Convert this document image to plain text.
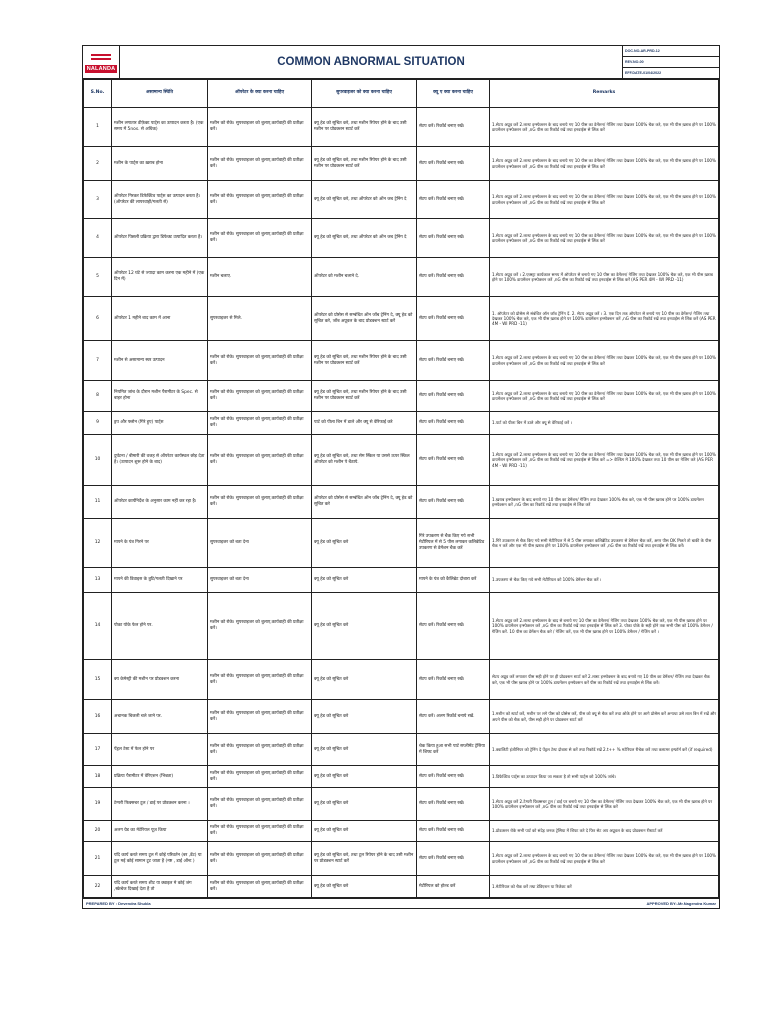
NALANDA
COMMON ABNORMAL SITUATION
DOC.NO-AR-PRD-12
REV.NO-00
EFF.DATE-01/04/2022
S.No.	असामान्य स्थिति	ऑपरेटर के क्या करना चाहिए	सुपरवाइजर को क्या करना चाहिए	क्यू ए क्या करना चाहिए	Remarks
1	मशीन लगातार डीफ़ेक्ट पार्ट्स का उत्पादन करता है। (एक समय में 5nos. से अधिक)	मशीन को रोके। सुपरवाइजर को बुलाए,कार्यवाही की प्रतीक्षा करें।	क्यू हेड को सूचित करे, तथा मशीन रिपेयर होने के बाद उसी मशीन पर प्रोडक्शन स्टार्ट करें	सेटप करें। रिकॉर्ड बनाए रखें।	1.सेटप अप्रूव करें 2.लास्ट इन्स्पेक्शन के बाद बनाये गए 10 पीस का डेमेंशन/ गेजिंग तथा देखकर 100% चैक करे, एक भी पीस ख़राब होने पर 100% डायमेंशन इन्स्पेक्शन करें ,nG पीस का रिकॉर्ड रखें तथा इनवाईस से लिंक करें
2	मशीन के पार्ट्स का ख़राब होना	मशीन को रोके। सुपरवाइजर को बुलाए,कार्यवाही की प्रतीक्षा करें।	क्यू हेड को सूचित करे, तथा मशीन रिपेयर होने के बाद उसी मशीन पर प्रोडक्शन स्टार्ट करें	सेटप करें। रिकॉर्ड बनाए रखें।	1.सेटप अप्रूव करें 2.लास्ट इन्स्पेक्शन के बाद बनाये गए 10 पीस का डेमेंशन/ गेजिंग तथा देखकर 100% चैक करे, एक भी पीस ख़राब होने पर 100% डायमेंशन इन्स्पेक्शन करें ,nG पीस का रिकॉर्ड रखें तथा इनवाईस से लिंक करें
3	ऑपरेटर गिरकर डिफेक्टिव पार्ट्स का उत्पादन करता है। (ऑपरेटर की लापरवाही/गलती से)	मशीन को रोके। सुपरवाइजर को बुलाए,कार्यवाही की प्रतीक्षा करें।	क्यू हेड को सूचित करे, तथा ऑपरेटर को ऑन जब ट्रेनिंग दे	सेटप करें। रिकॉर्ड बनाए रखें।	1.सेटप अप्रूव करें 2.लास्ट इन्स्पेक्शन के बाद बनाये गए 10 पीस का डेमेंशन/ गेजिंग तथा देखकर 100% चैक करे, एक भी पीस ख़राब होने पर 100% डायमेंशन इन्स्पेक्शन करें ,nG पीस का रिकॉर्ड रखें तथा इनवाईस से लिंक करें
4	ऑपरेटर पिछली प्रक्रिया द्वारा डिफेक्ट उत्पादित करता है।	मशीन को रोके। सुपरवाइजर को बुलाए,कार्यवाही की प्रतीक्षा करें।	क्यू हेड को सूचित करे, तथा ऑपरेटर को ऑन जब ट्रेनिंग दे	सेटप करें। रिकॉर्ड बनाए रखें।	1.सेटप अप्रूव करें 2.लास्ट इन्स्पेक्शन के बाद बनाये गए 10 पीस का डेमेंशन/ गेजिंग तथा देखकर 100% चैक करे, एक भी पीस ख़राब होने पर 100% डायमेंशन इन्स्पेक्शन करें ,nG पीस का रिकॉर्ड रखें तथा इनवाईस से लिंक करें
5	ऑपरेटर 12 घंटे से ज्यादा काम करना एक महीने में (एक दिन में)	मशीन चलाए.	ऑपरेटर को मशीन चलाने दे.	सेटप करें। रिकॉर्ड बनाए रखें।	1.सेटप अप्रूव करें । 2.एक्स्ट्रा कार्यकाल समय में ऑपरेटर से बनाये गए 10 पीस का डेमेंशन/ गेजिंग तथा देखकर 100% चैक करे, एक भी पीस ख़राब होने पर 100% डायमेंशन इन्स्पेक्शन करें ,nG पीस का रिकॉर्ड रखें तथा इनवाईस से लिंक करें (AS PER 4M - WI PRD -11)
6	ऑपरेटर 1 महीने बाद काम में आना	सुपरवाइजर से मिले.	ऑपरेटर को प्रोसेस से सम्बंधित ऑन जॉब ट्रेनिंग दे, क्यू हेड को सूचित करे, जॉब अप्रूवल के बाद प्रोडक्शन स्टार्ट करें	सेटप करें। रिकॉर्ड बनाए रखें।	1. ऑपरेटर को प्रोसेस से संबंधित ऑन जॉब ट्रेनिंग दें. 2. सेटप अप्रूव करें । 3. एक दिन तक ऑपरेटर से बनाये गए 10 पीस का डेमेंशन/ गेजिंग तथा देखकर 100% चैक करे, एक भी पीस ख़राब होने पर 100% डायमेंशन इन्स्पेक्शन करें ,nG पीस का रिकॉर्ड रखें तथा इनवाईस से लिंक करें (AS PER 4M - WI PRD -11)
7	मशीन से असामान्य स्वर उत्पादन	मशीन को रोके। सुपरवाइजर को बुलाए,कार्यवाही की प्रतीक्षा करें।	क्यू हेड को सूचित करे, तथा मशीन रिपेयर होने के बाद उसी मशीन पर प्रोडक्शन स्टार्ट करें	सेटप करें। रिकॉर्ड बनाए रखें।	1.सेटप अप्रूव करें 2.लास्ट इन्स्पेक्शन के बाद बनाये गए 10 पीस का डेमेंशन/ गेजिंग तथा देखकर 100% चैक करे, एक भी पीस ख़राब होने पर 100% डायमेंशन इन्स्पेक्शन करें ,nG पीस का रिकॉर्ड रखें तथा इनवाईस से लिंक करें
8	नियमित जांच के दौरान मशीन पैरामीटर के Spec. से बाहर होना	मशीन को रोके। सुपरवाइजर को बुलाए,कार्यवाही की प्रतीक्षा करें।	क्यू हेड को सूचित करे, तथा मशीन रिपेयर होने के बाद उसी मशीन पर प्रोडक्शन स्टार्ट करें	सेटप करें। रिकॉर्ड बनाए रखें।	1.सेटप अप्रूव करें 2.लास्ट इन्स्पेक्शन के बाद बनाये गए 10 पीस का डेमेंशन/ गेजिंग तथा देखकर 100% चैक करे, एक भी पीस ख़राब होने पर 100% डायमेंशन इन्स्पेक्शन करें ,nG पीस का रिकॉर्ड रखें तथा इनवाईस से लिंक करें
9	ड्रप और फ्लोन (गिरे हुए) पार्ट्स	मशीन को रोके। सुपरवाइजर को बुलाए,कार्यवाही की प्रतीक्षा करें।	पार्ट को पीला बिन में डाले और क्यू से वेरिफाई करे	सेटप करें। रिकॉर्ड बनाए रखें।	1.पार्ट को पीला बिन में डाले और क्यू से वेरिफाई करें ।
10	दुर्घटना / बीमारी की वजह से ऑपरेटर कार्यस्थल छोड़ देता है। (उत्पादन शुरू होने के बाद)	मशीन को रोके। सुपरवाइजर को बुलाए,कार्यवाही की प्रतीक्षा करें।	क्यू हेड को सूचित करे, तथा सेम स्किल या उससे ऊपर स्किल ऑपरेटर को मशीन पे बैठाये.	सेटप करें। रिकॉर्ड बनाए रखें।	1.सेटप अप्रूव करें 2.लास्ट इन्स्पेक्शन के बाद बनाये गए 10 पीस का डेमेंशन/ गेजिंग तथा देखकर 100% चैक करे, एक भी पीस ख़राब होने पर 100% डायमेंशन इन्स्पेक्शन करें ,nG पीस का रिकॉर्ड रखें तथा इनवाईस से लिंक करें => वेल्डिंग मे 100% देखकर तथा 10 पीस का गेजिंग करे (AS PER 4M - WI PRD -11)
11	ऑपरेटर कार्यनिर्देश के अनुसार काम नहीं कर रहा है।	मशीन को रोके। सुपरवाइजर को बुलाए,कार्यवाही की प्रतीक्षा करें।	ऑपरेटर को प्रोसेस से सम्बंधित ऑन जॉब ट्रेनिंग दे, क्यू हेड को सूचित करे	सेटप करें। रिकॉर्ड बनाए रखें।	1.ख़राब इन्स्पेक्शन के बाद बनाये गए 10 पीस का डेमेंशन/ गेजिंग तथा देखकर 100% चैक करे, एक भी पीस ख़राब होने पर 100% डायमेंशन इन्स्पेक्शन करें ,nG पीस का रिकॉर्ड रखें तथा इनवाईस से लिंक करें
12	मापने के यंत्र गिरने पर	सुपरवाइजर को बता देना	क्यू हेड को सूचित करे	गिरे उपकरण से चैक किए गये सभी मेटीरियल में से 5 पीस लगाकर कलिब्रेटिड उपकरण से डेमेंशन चैक करें	1.गिरे उपकरण से चैक किए गये सभी मेटीरियल में से 5 पीस लगाकर कलिब्रेटिड उपकरण से डेमेंशन चैक करें, अगर पीस OK मिलते तो बाकी के पीस चैक न करें और एक भी पीस ख़राब होने पर 100% डायमेंशन इन्स्पेक्शन करें ,nG पीस का रिकॉर्ड रखें तथा इनवाईस से लिंक करें।
13	मापने की डिवाइस के त्रुटि/गलती दिखाने पर	सुपरवाइजर को बता देना	क्यू हेड को सूचित करे	मापने के यंत्र को कैलिब्रेट दोबारा करें	1.उपकरण से चैक किए गये सभी मेटीरियल को 100% डेमेंशन चैक करें ।
14	पोका योके फेल होने पर.	मशीन को रोके। सुपरवाइजर को बुलाए,कार्यवाही की प्रतीक्षा करें।	क्यू हेड को सूचित करे	सेटप करें। रिकॉर्ड बनाए रखें।	1.सेटप अप्रूव करें 2.लास्ट इन्स्पेक्शन के बाद से बनाये गए 10 पीस का डेमेंशन/ गेजिंग तथा देखकर 100% चैक करे, एक भी पीस ख़राब होने पर 100% डायमेंशन इन्स्पेक्शन करें ,nG पीस का रिकॉर्ड रखें तथा इनवाईस से लिंक करें 3. पोका योके के सही होने तक सभी पीस को 100% डेमेंशन / गेजिंग करें. 10 पीस का डेमेंशन चैक करे / गेजिंग करें, एक भी पीस ख़राब होने पर 100% डेमेंशन / गेजिंग करें ।
15	क्य केमेस्ट्री की मशीन पर प्रोडक्शन करना	मशीन को रोके। सुपरवाइजर को बुलाए,कार्यवाही की प्रतीक्षा करें।	क्यू हेड को सूचित करे	सेटप करें। रिकॉर्ड बनाए रखें।	सेटप अप्रूव करें लगातार पीस सही होने पर ही प्रोडक्शन स्टार्ट करें 2.लास्ट इन्स्पेक्शन के बाद बनाये गए 10 पीस का डेमेंशन/ गेजिंग तथा देखकर चैक करे, एक भी पीस ख़राब होने पर 100% डायमेंशन इन्स्पेक्शन करें पीस का रिकॉर्ड रखें तथा इनवाईस से लिंक करें।
16	अचानक बिजली चले जाने पर.	मशीन को रोके। सुपरवाइजर को बुलाए,कार्यवाही की प्रतीक्षा करें।	क्यू हेड को सूचित करे	सेटप करें। अलग रिकॉर्ड बनाये रखें.	1.मशीन को स्टार्ट करें, मशीन पर लगे पीस को प्रोसेस करें, पीस को क्यू से चैक करें तथा ओके होने पर आगे प्रोसेस करें अन्यथा उसे लाल बिन में रखें और अपने पीस को चैक करें, पीस सही होने पर प्रोडक्शन स्टार्ट करें
17	पेंड्रल टेस्ट में फेल होने पर	मशीन को रोके। सुपरवाइजर को बुलाए,कार्यवाही की प्रतीक्षा करें।	क्यू हेड को सूचित करे	चेक किया हुआ सभी पार्ट सप्लीमेंट ट्रेसिया में शिफ्ट करें	1.क्वालिटी इंजीनियर को ट्रेनिंग दे पेंड्रल टेस्ट दोबारा से करें तथा रिकॉर्ड रखें 2.t++ % मटेरियल रीचेक करें तथा कस्टमर इन्फॉर्म करें (if required)
18	प्रक्रिया पैरामीटर में वेरिएशन (भिन्नता)	मशीन को रोके। सुपरवाइजर को बुलाए,कार्यवाही की प्रतीक्षा करें।	क्यू हेड को सूचित करे	सेटप करें। रिकॉर्ड बनाए रखें।	1.डिफेक्टिव पार्ट्स का उत्पादन किया जा सकता है तो सभी पार्ट्स को 100% जांचे।
19	टेम्परी फिक्सचर टूल / डाई पर प्रोडक्शन करना ।	मशीन को रोके। सुपरवाइजर को बुलाए,कार्यवाही की प्रतीक्षा करें।	क्यू हेड को सूचित करे	सेटप करें। रिकॉर्ड बनाए रखें।	1.सेटप अप्रूव करें 2.टेम्परी फिक्सचर टूल / डाई पर बनाये गए 10 पीस का डेमेंशन/ गेजिंग तथा देखकर 100% चैक करे, एक भी पीस ख़राब होने पर 100% डायमेंशन इन्स्पेक्शन करें ,nG पीस का रिकॉर्ड रखें तथा इनवाईस से लिंक करें
20	अलग ग्रेड का मेटेरियल यूज़ किया	मशीन को रोके। सुपरवाइजर को बुलाए,कार्यवाही की प्रतीक्षा करें।	क्यू हेड को सूचित करे	सेटप करें। रिकॉर्ड बनाए रखें।	1.प्रोडक्शन रोके सभी पार्ट को संदेह जनक ट्रेसिया में शिफ्ट करे दे फिर सेट अप अप्रूवल के बाद प्रोडक्शन रीस्टार्ट करें
21	यदि कार्य करते समय टूल में कोई परिवर्तन (बर ,डेंट) या टूल मई कोई सामान टूट जाता है (नष्ट , डाई ऑन्ट )	मशीन को रोके। सुपरवाइजर को बुलाए,कार्यवाही की प्रतीक्षा करें।	क्यू हेड को सूचित करे, तथा टूल रिपेयर होने के बाद उसी मशीन पर प्रोडक्शन स्टार्ट करें	सेटप करें। रिकॉर्ड बनाए रखें।	1.सेटप अप्रूव करें 2.लास्ट इन्स्पेक्शन के बाद बनाये गए 10 पीस का डेमेंशन/ गेजिंग तथा देखकर 100% चैक करे, एक भी पीस ख़राब होने पर 100% डायमेंशन इन्स्पेक्शन करें ,nG पीस का रिकॉर्ड रखें तथा इनवाईस से लिंक करें
22	यदि कार्य करते समय शीट या क्वाइल मे कोई जंग ,स्क्रेचेज दिखाई देता है तो	मशीन को रोके। सुपरवाइजर को बुलाए,कार्यवाही की प्रतीक्षा करें।	क्यू हेड को सूचित करे	मेटीरियल को होल्ड करें	1.मेटीरियल को चैक करें तथा डेविएशन या रिजेक्ट करें
PREPARED BY : Devendra Shukla	APPROVED BY:-Mr.Nagendra Kumar
